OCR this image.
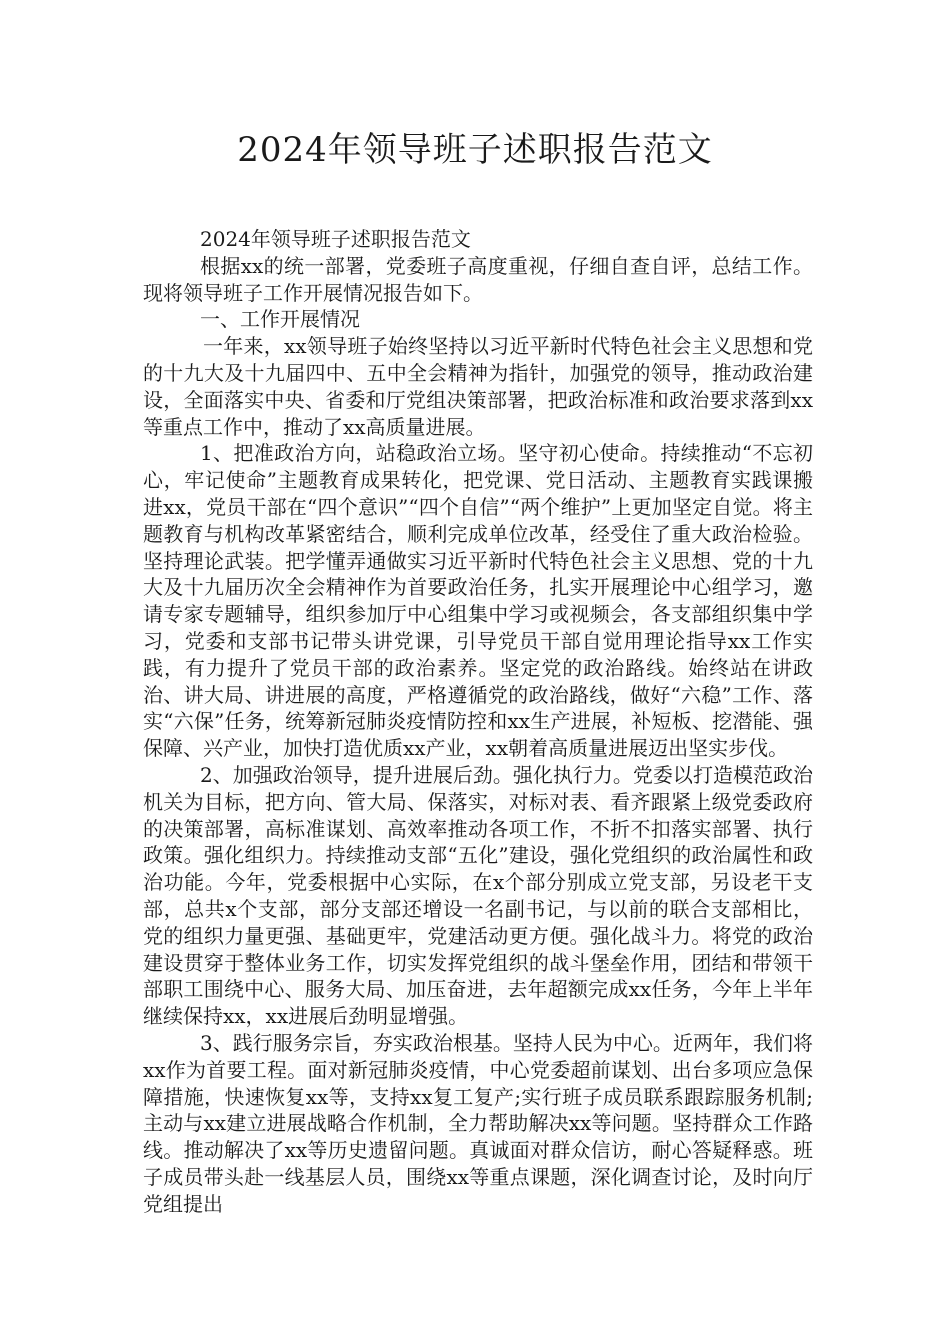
2024年领导班子述职报告范文

2024年领导班子述职报告范文

根据xx的统一部署，党委班子高度重视，仔细自查自评，总结工作。现将领导班子工作开展情况报告如下。

一、工作开展情况

一年来，xx领导班子始终坚持以习近平新时代特色社会主义思想和党的十九大及十九届四中、五中全会精神为指针，加强党的领导，推动政治建设，全面落实中央、省委和厅党组决策部署，把政治标准和政治要求落到xx等重点工作中，推动了xx高质量进展。

1、把准政治方向，站稳政治立场。坚守初心使命。持续推动“不忘初心，牢记使命”主题教育成果转化，把党课、党日活动、主题教育实践课搬进xx，党员干部在“四个意识”“四个自信”“两个维护”上更加坚定自觉。将主题教育与机构改革紧密结合，顺利完成单位改革，经受住了重大政治检验。坚持理论武装。把学懂弄通做实习近平新时代特色社会主义思想、党的十九大及十九届历次全会精神作为首要政治任务，扎实开展理论中心组学习，邀请专家专题辅导，组织参加厅中心组集中学习或视频会，各支部组织集中学习，党委和支部书记带头讲党课，引导党员干部自觉用理论指导xx工作实践，有力提升了党员干部的政治素养。坚定党的政治路线。始终站在讲政治、讲大局、讲进展的高度，严格遵循党的政治路线，做好“六稳”工作、落实“六保”任务，统筹新冠肺炎疫情防控和xx生产进展，补短板、挖潜能、强保障、兴产业，加快打造优质xx产业，xx朝着高质量进展迈出坚实步伐。

2、加强政治领导，提升进展后劲。强化执行力。党委以打造模范政治机关为目标，把方向、管大局、保落实，对标对表、看齐跟紧上级党委政府的决策部署，高标准谋划、高效率推动各项工作，不折不扣落实部署、执行政策。强化组织力。持续推动支部“五化”建设，强化党组织的政治属性和政治功能。今年，党委根据中心实际，在x个部分别成立党支部，另设老干支部，总共x个支部，部分支部还增设一名副书记，与以前的联合支部相比，党的组织力量更强、基础更牢，党建活动更方便。强化战斗力。将党的政治建设贯穿于整体业务工作，切实发挥党组织的战斗堡垒作用，团结和带领干部职工围绕中心、服务大局、加压奋进，去年超额完成xx任务，今年上半年继续保持xx，xx进展后劲明显增强。

3、践行服务宗旨，夯实政治根基。坚持人民为中心。近两年，我们将xx作为首要工程。面对新冠肺炎疫情，中心党委超前谋划、出台多项应急保障措施，快速恢复xx等，支持xx复工复产;实行班子成员联系跟踪服务机制;主动与xx建立进展战略合作机制，全力帮助解决xx等问题。坚持群众工作路线。推动解决了xx等历史遗留问题。真诚面对群众信访，耐心答疑释惑。班子成员带头赴一线基层人员，围绕xx等重点课题，深化调查讨论，及时向厅党组提出
